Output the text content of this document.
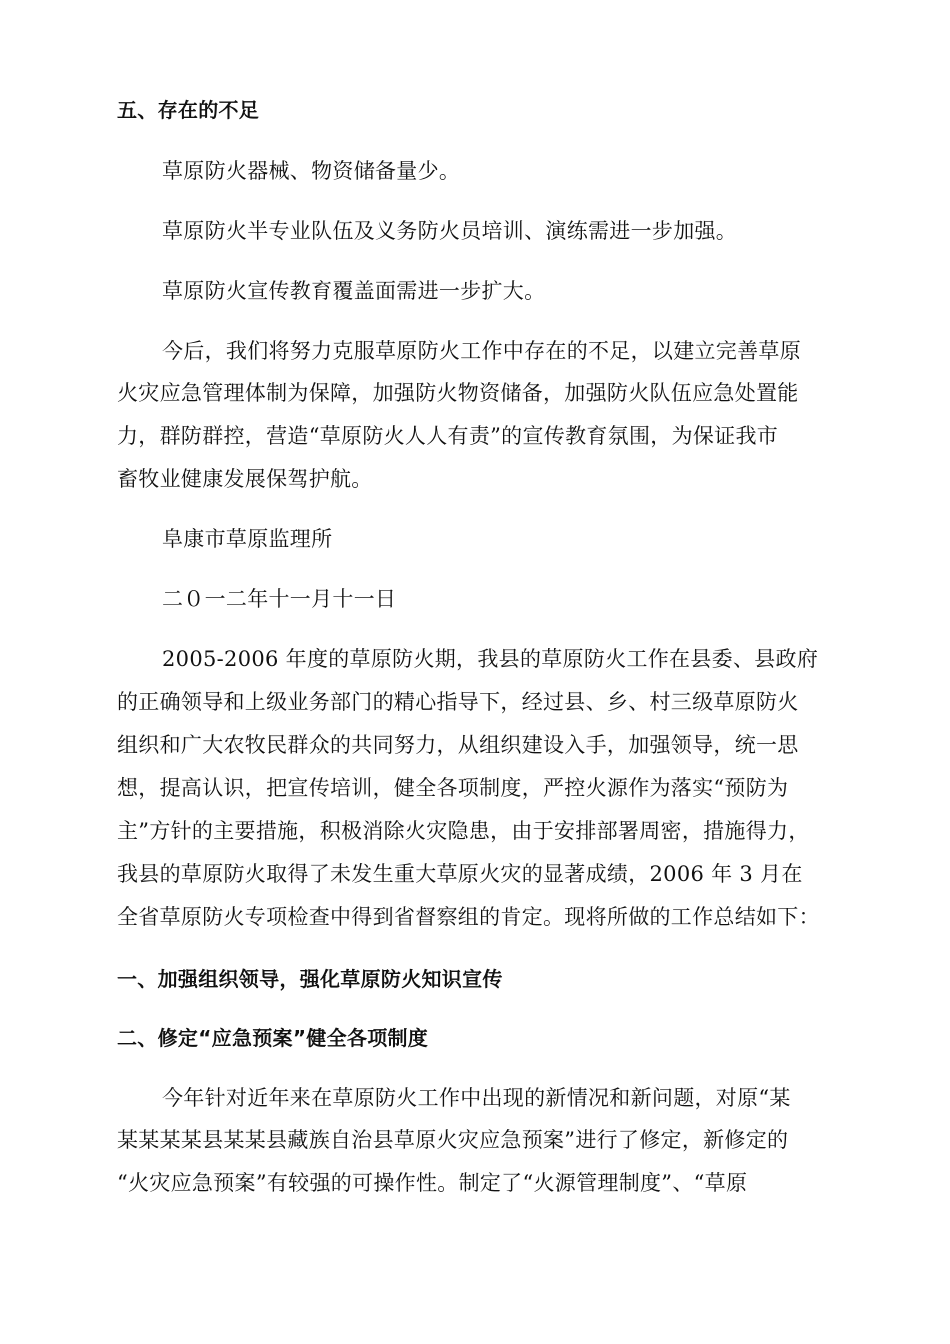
五、存在的不足
草原防火器械、物资储备量少。
草原防火半专业队伍及义务防火员培训、演练需进一步加强。
草原防火宣传教育覆盖面需进一步扩大。
今后，我们将努力克服草原防火工作中存在的不足，以建立完善草原
火灾应急管理体制为保障，加强防火物资储备，加强防火队伍应急处置能
力，群防群控，营造“草原防火人人有责”的宣传教育氛围，为保证我市
畜牧业健康发展保驾护航。
阜康市草原监理所
二０一二年十一月十一日
2005-2006 年度的草原防火期，我县的草原防火工作在县委、县政府
的正确领导和上级业务部门的精心指导下，经过县、乡、村三级草原防火
组织和广大农牧民群众的共同努力，从组织建设入手，加强领导，统一思
想，提高认识，把宣传培训，健全各项制度，严控火源作为落实“预防为
主”方针的主要措施，积极消除火灾隐患，由于安排部署周密，措施得力，
我县的草原防火取得了未发生重大草原火灾的显著成绩，2006 年 3 月在
全省草原防火专项检查中得到省督察组的肯定。现将所做的工作总结如下：
一、加强组织领导，强化草原防火知识宣传
二、修定“应急预案”健全各项制度
今年针对近年来在草原防火工作中出现的新情况和新问题，对原“某
某某某某县某某县藏族自治县草原火灾应急预案”进行了修定，新修定的
“火灾应急预案”有较强的可操作性。制定了“火源管理制度”、“草原
